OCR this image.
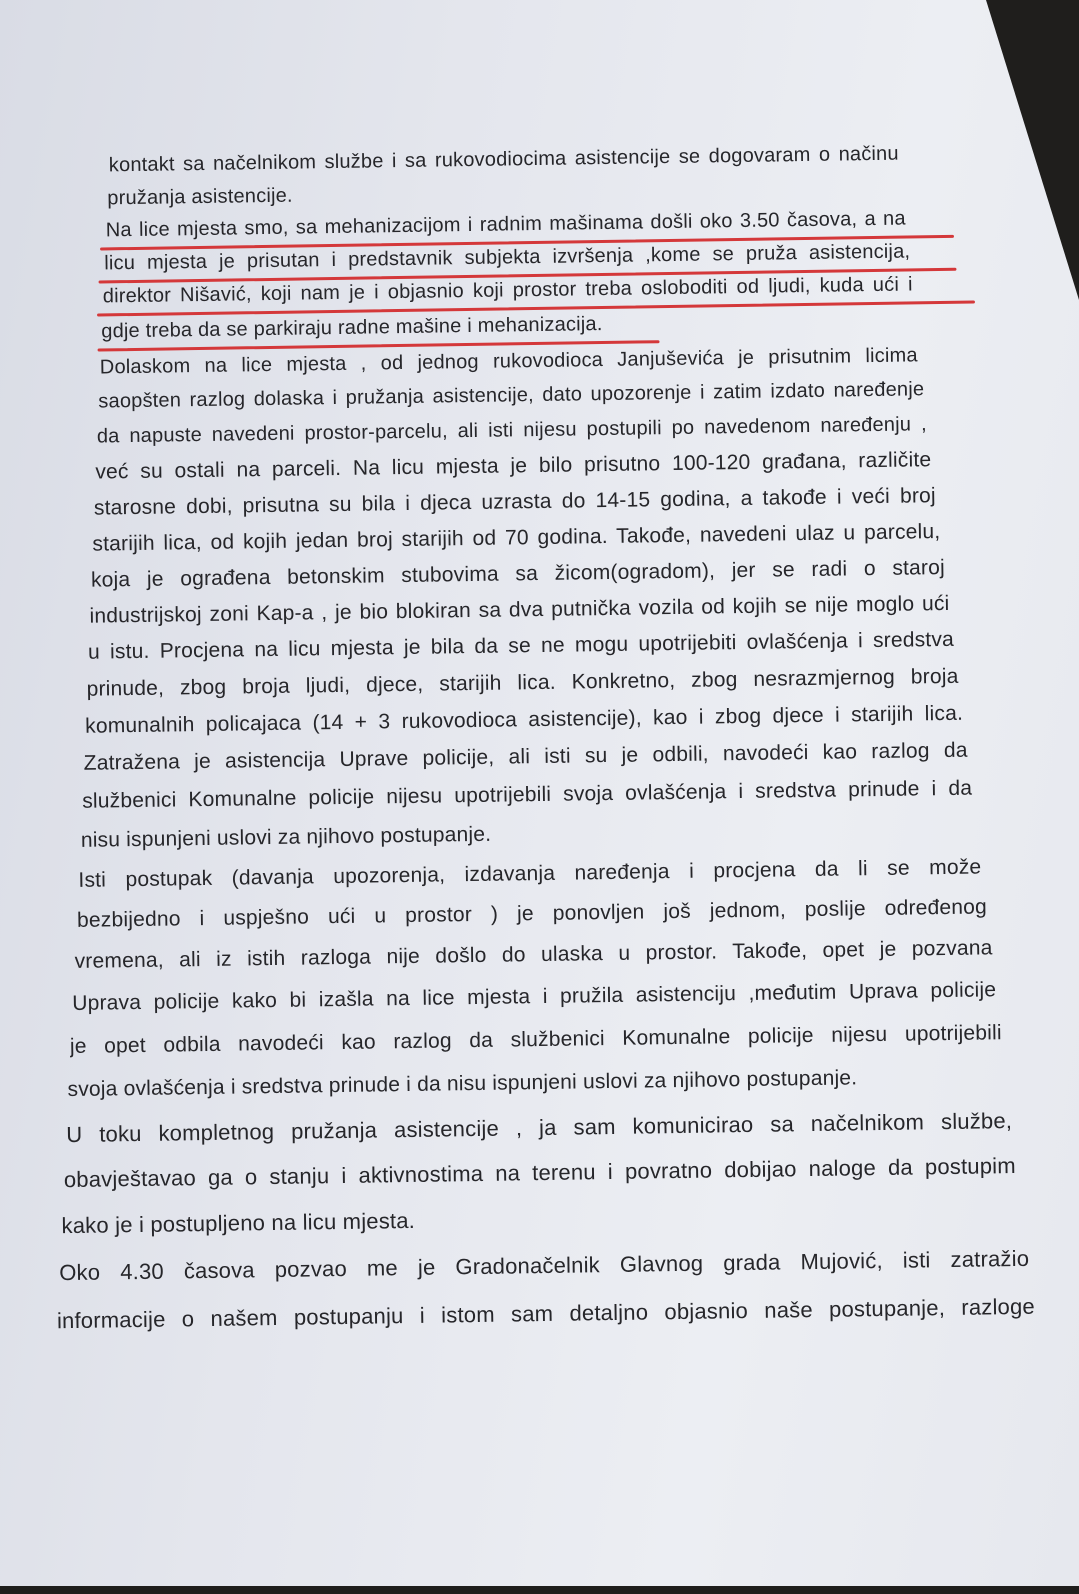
kontakt sa načelnikom službe i sa rukovodiocima asistencije se dogovaram o načinu
pružanja asistencije.
Na lice mjesta smo, sa mehanizacijom i radnim mašinama došli oko 3.50 časova, a na
licu mjesta je prisutan i predstavnik subjekta izvršenja ,kome se pruža asistencija,
direktor Nišavić, koji nam je i objasnio koji prostor treba osloboditi od ljudi, kuda ući i
gdje treba da se parkiraju radne mašine i mehanizacija.
Dolaskom na lice mjesta , od jednog rukovodioca Janjuševića je prisutnim licima
saopšten razlog dolaska i pružanja asistencije, dato upozorenje i zatim izdato naređenje
da napuste navedeni prostor-parcelu, ali isti nijesu postupili po navedenom naređenju ,
već su ostali na parceli. Na licu mjesta je bilo prisutno 100-120 građana, različite
starosne dobi, prisutna su bila i djeca uzrasta do 14-15 godina, a takođe i veći broj
starijih lica, od kojih jedan broj starijih od 70 godina. Takođe, navedeni ulaz u parcelu,
koja je ograđena betonskim stubovima sa žicom(ogradom), jer se radi o staroj
industrijskoj zoni Kap-a , je bio blokiran sa dva putnička vozila od kojih se nije moglo ući
u istu. Procjena na licu mjesta je bila da se ne mogu upotrijebiti ovlašćenja i sredstva
prinude, zbog broja ljudi, djece, starijih lica. Konkretno, zbog nesrazmjernog broja
komunalnih policajaca (14 + 3 rukovodioca asistencije), kao i zbog djece i starijih lica.
Zatražena je asistencija Uprave policije, ali isti su je odbili, navodeći kao razlog da
službenici Komunalne policije nijesu upotrijebili svoja ovlašćenja i sredstva prinude i da
nisu ispunjeni uslovi za njihovo postupanje.
Isti postupak (davanja upozorenja, izdavanja naređenja i procjena da li se može
bezbijedno i uspješno ući u prostor ) je ponovljen još jednom, poslije određenog
vremena, ali iz istih razloga nije došlo do ulaska u prostor. Takođe, opet je pozvana
Uprava policije kako bi izašla na lice mjesta i pružila asistenciju ,međutim Uprava policije
je opet odbila navodeći kao razlog da službenici Komunalne policije nijesu upotrijebili
svoja ovlašćenja i sredstva prinude i da nisu ispunjeni uslovi za njihovo postupanje.
U toku kompletnog pružanja asistencije , ja sam komunicirao sa načelnikom službe,
obavještavao ga o stanju i aktivnostima na terenu i povratno dobijao naloge da postupim
kako je i postupljeno na licu mjesta.
Oko 4.30 časova pozvao me je Gradonačelnik Glavnog grada Mujović, isti zatražio
informacije o našem postupanju i istom sam detaljno objasnio naše postupanje, razloge
